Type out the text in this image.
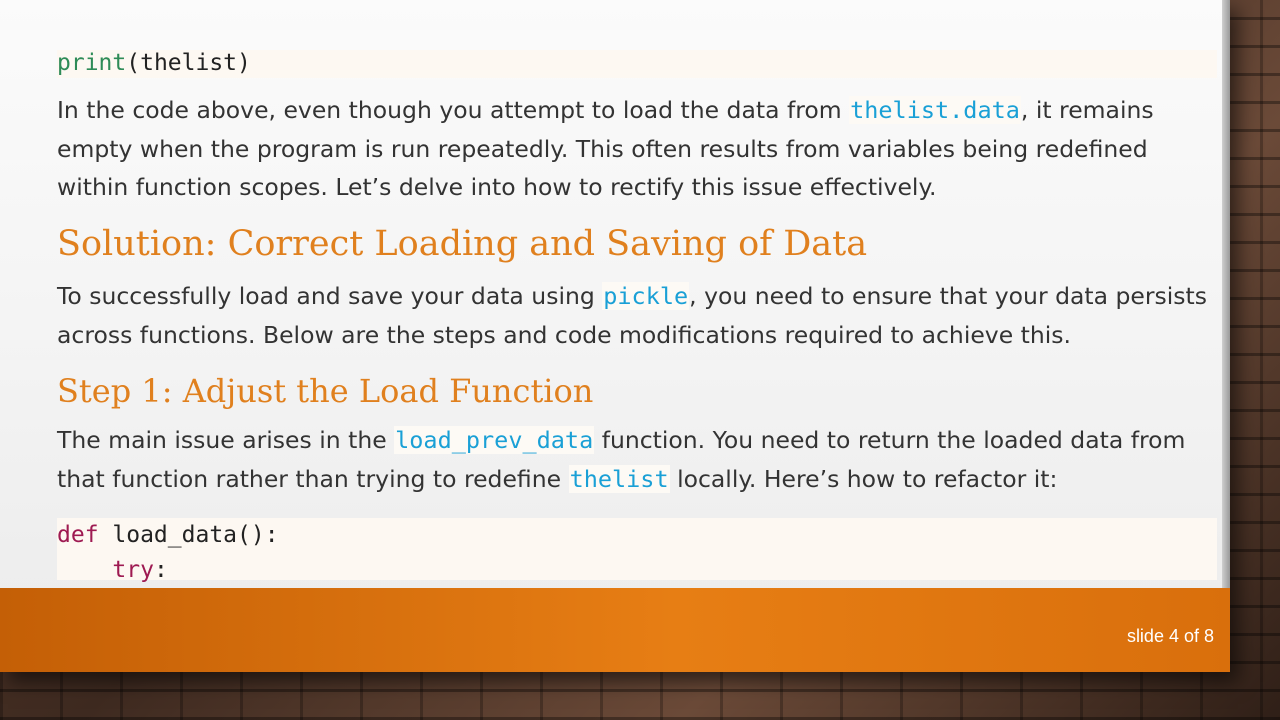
print(thelist)

In the code above, even though you attempt to load the data from thelist.data, it remains empty when the program is run repeatedly. This often results from variables being redefined within function scopes. Let’s delve into how to rectify this issue effectively.

Solution: Correct Loading and Saving of Data

To successfully load and save your data using pickle, you need to ensure that your data persists across functions. Below are the steps and code modifications required to achieve this.

Step 1: Adjust the Load Function

The main issue arises in the load_prev_data function. You need to return the loaded data from that function rather than trying to redefine thelist locally. Here’s how to refactor it:

def load_data():
try:
slide 4 of 8
